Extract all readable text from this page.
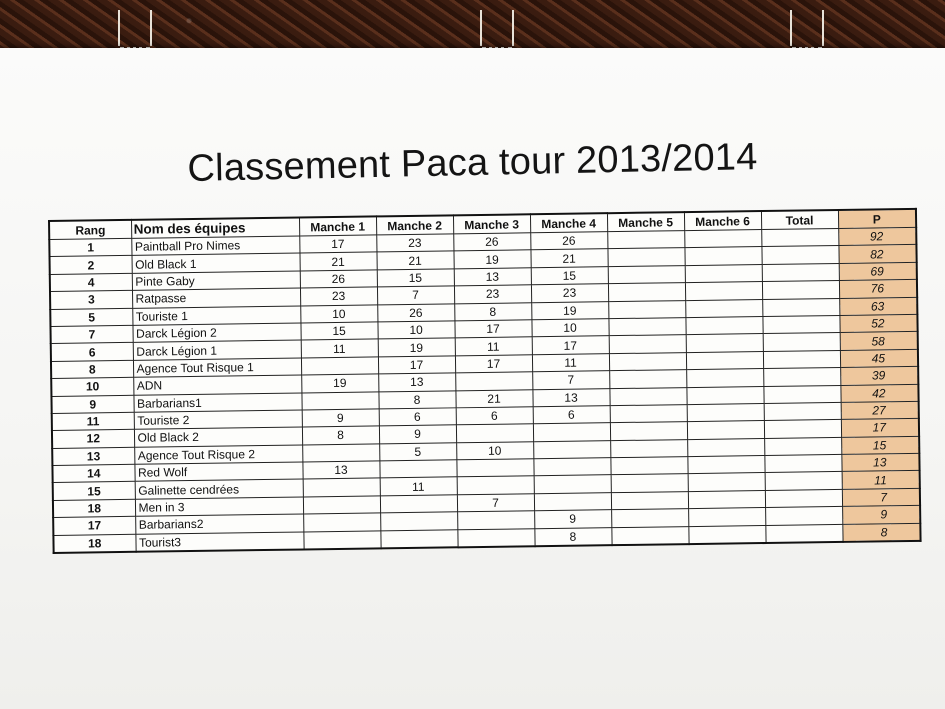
Classement Paca tour 2013/2014
Rang	Nom des équipes	Manche 1	Manche 2	Manche 3	Manche 4	Manche 5	Manche 6	Total	P
1	Paintball Pro Nimes	17	23	26	26				92
2	Old Black 1	21	21	19	21				82
4	Pinte Gaby	26	15	13	15				69
3	Ratpasse	23	7	23	23				76
5	Touriste 1	10	26	8	19				63
7	Darck Légion 2	15	10	17	10				52
6	Darck Légion 1	11	19	11	17				58
8	Agence Tout Risque 1		17	17	11				45
10	ADN	19	13		7				39
9	Barbarians1		8	21	13				42
11	Touriste 2	9	6	6	6				27
12	Old Black 2	8	9						17
13	Agence Tout Risque 2		5	10					15
14	Red Wolf	13							13
15	Galinette cendrées		11						11
18	Men in 3			7					7
17	Barbarians2				9				9
18	Tourist3				8				8
